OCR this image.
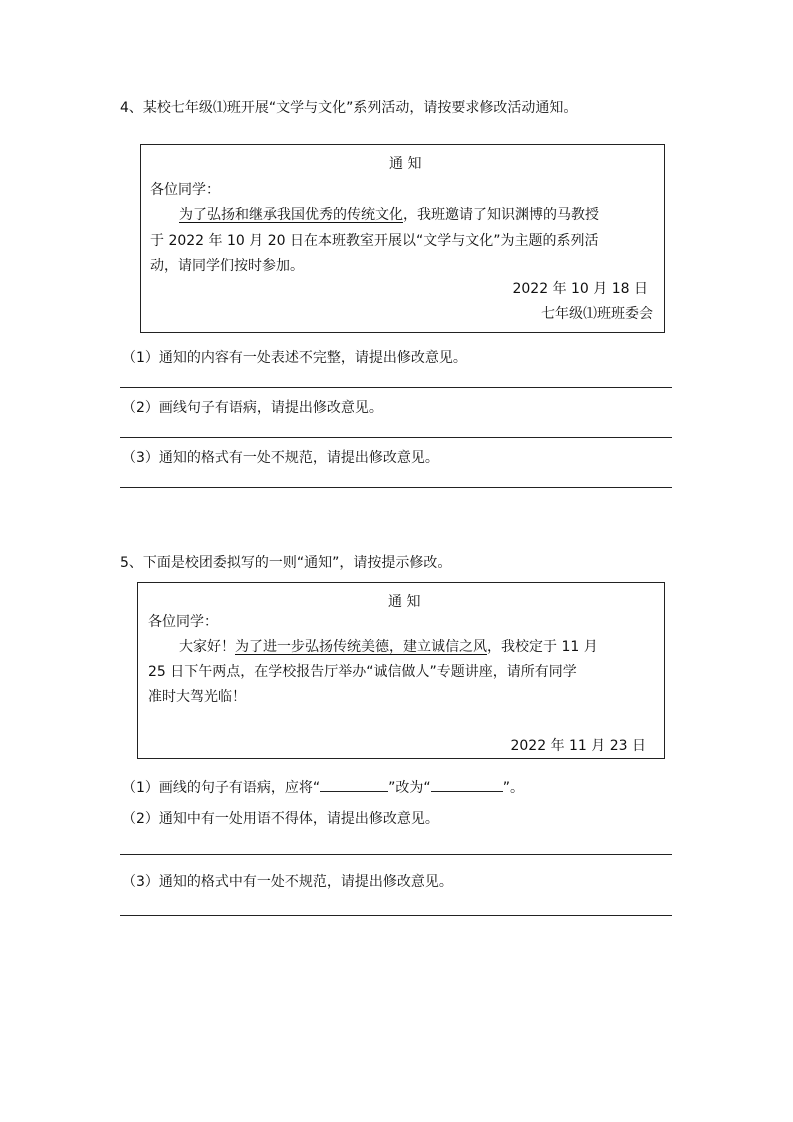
4、某校七年级⑴班开展“文学与文化”系列活动，请按要求修改活动通知。
通 知
各位同学：
为了弘扬和继承我国优秀的传统文化，我班邀请了知识渊博的马教授
于 2022 年 10 月 20 日在本班教室开展以“文学与文化”为主题的系列活
动，请同学们按时参加。
2022 年 10 月 18 日
七年级⑴班班委会
（1）通知的内容有一处表述不完整，请提出修改意见。
（2）画线句子有语病，请提出修改意见。
（3）通知的格式有一处不规范，请提出修改意见。
5、下面是校团委拟写的一则“通知”，请按提示修改。
通 知
各位同学：
大家好！为了进一步弘扬传统美德，建立诚信之风，我校定于 11 月
25 日下午两点，在学校报告厅举办“诚信做人”专题讲座，请所有同学
准时大驾光临！
2022 年 11 月 23 日
（1）画线的句子有语病，应将“	”改为“	”。
（2）通知中有一处用语不得体，请提出修改意见。
（3）通知的格式中有一处不规范，请提出修改意见。
